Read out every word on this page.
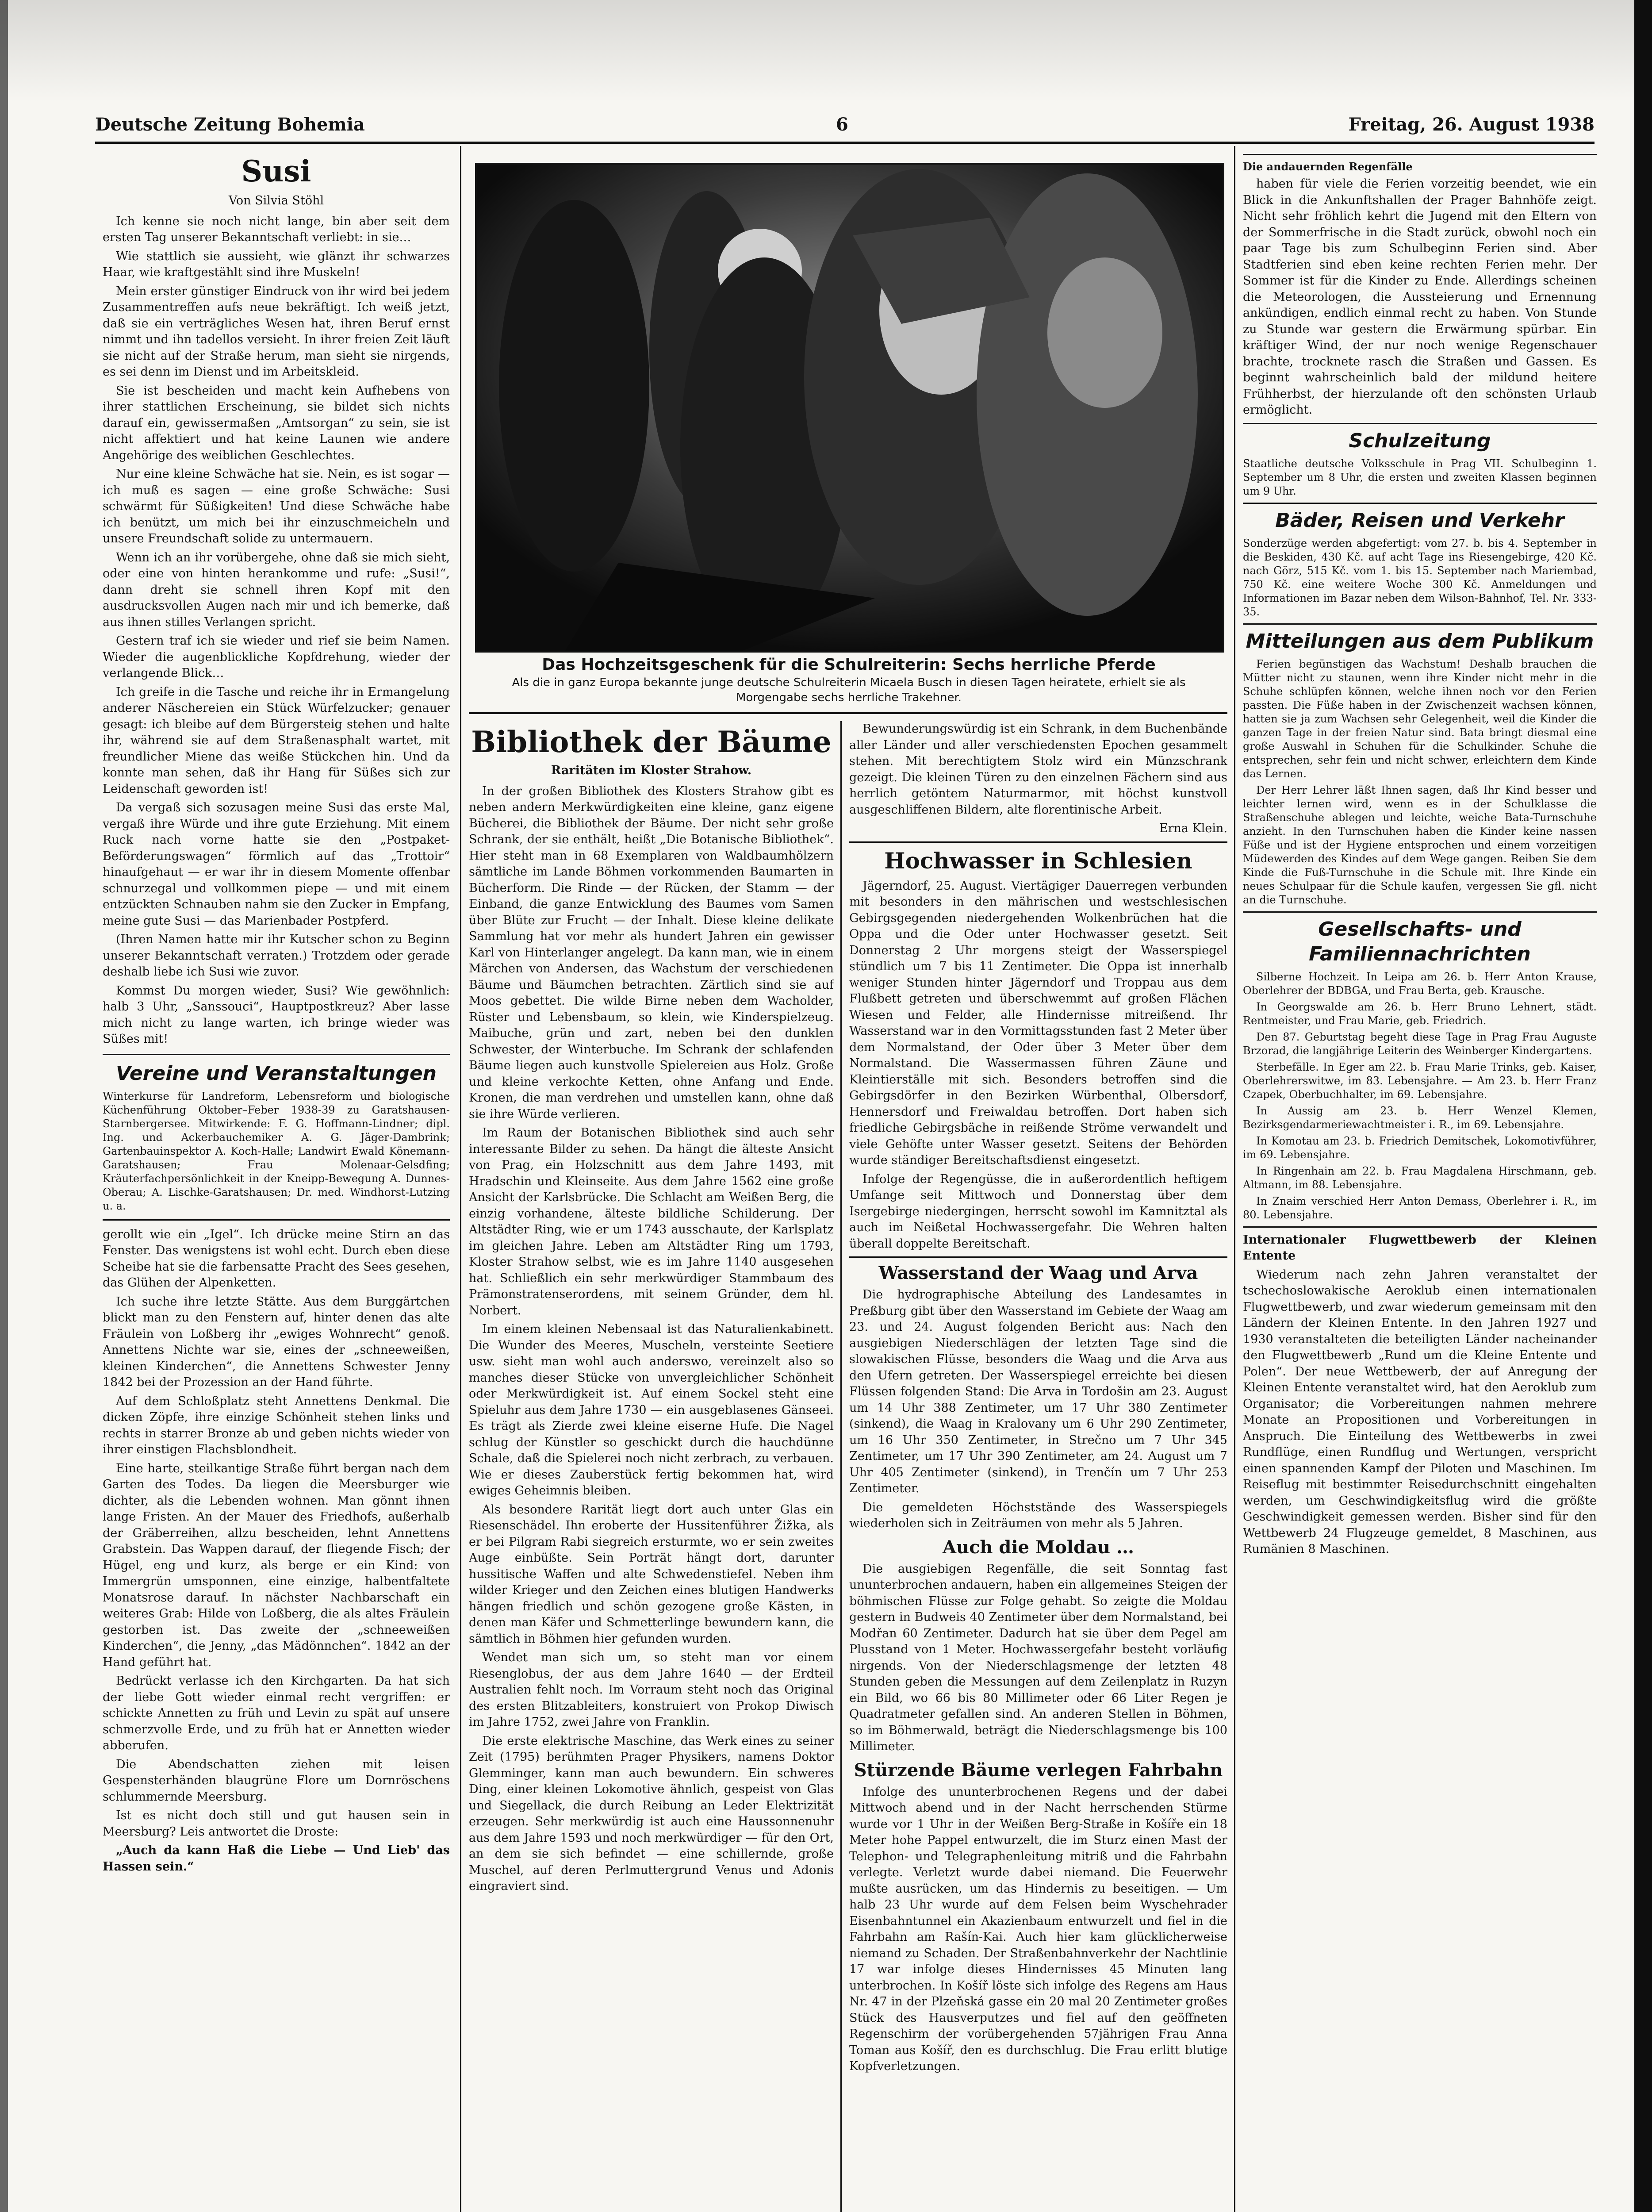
Deutsche Zeitung Bohemia	6	Freitag, 26. August 1938
Susi
Von Silvia Stöhl

Ich kenne sie noch nicht lange, bin aber seit dem ersten Tag unserer Bekanntschaft verliebt: in sie…

Wie stattlich sie aussieht, wie glänzt ihr schwarzes Haar, wie kraftgestählt sind ihre Muskeln!

Mein erster günstiger Eindruck von ihr wird bei jedem Zusammentreffen aufs neue bekräftigt. Ich weiß jetzt, daß sie ein verträgliches Wesen hat, ihren Beruf ernst nimmt und ihn tadellos versieht. In ihrer freien Zeit läuft sie nicht auf der Straße herum, man sieht sie nirgends, es sei denn im Dienst und im Arbeitskleid.

Sie ist bescheiden und macht kein Aufhebens von ihrer stattlichen Erscheinung, sie bildet sich nichts darauf ein, gewissermaßen „Amtsorgan“ zu sein, sie ist nicht affektiert und hat keine Launen wie andere Angehörige des weiblichen Geschlechtes.

Nur eine kleine Schwäche hat sie. Nein, es ist sogar — ich muß es sagen — eine große Schwäche: Susi schwärmt für Süßigkeiten! Und diese Schwäche habe ich benützt, um mich bei ihr einzuschmeicheln und unsere Freundschaft solide zu untermauern.

Wenn ich an ihr vorübergehe, ohne daß sie mich sieht, oder eine von hinten herankomme und rufe: „Susi!“, dann dreht sie schnell ihren Kopf mit den ausdrucksvollen Augen nach mir und ich bemerke, daß aus ihnen stilles Verlangen spricht.

Gestern traf ich sie wieder und rief sie beim Namen. Wieder die augenblickliche Kopfdrehung, wieder der verlangende Blick…

Ich greife in die Tasche und reiche ihr in Ermangelung anderer Näschereien ein Stück Würfelzucker; genauer gesagt: ich bleibe auf dem Bürgersteig stehen und halte ihr, während sie auf dem Straßenasphalt wartet, mit freundlicher Miene das weiße Stückchen hin. Und da konnte man sehen, daß ihr Hang für Süßes sich zur Leidenschaft geworden ist!

Da vergaß sich sozusagen meine Susi das erste Mal, vergaß ihre Würde und ihre gute Erziehung. Mit einem Ruck nach vorne hatte sie den „Postpaket-Beförderungswagen“ förmlich auf das „Trottoir“ hinaufgehaut — er war ihr in diesem Momente offenbar schnurzegal und vollkommen piepe — und mit einem entzückten Schnauben nahm sie den Zucker in Empfang, meine gute Susi — das Marienbader Postpferd.

(Ihren Namen hatte mir ihr Kutscher schon zu Beginn unserer Bekanntschaft verraten.) Trotzdem oder gerade deshalb liebe ich Susi wie zuvor.

Kommst Du morgen wieder, Susi? Wie gewöhnlich: halb 3 Uhr, „Sanssouci“, Hauptpostkreuz? Aber lasse mich nicht zu lange warten, ich bringe wieder was Süßes mit!

Vereine und Veranstaltungen

Winterkurse für Landreform, Lebensreform und biologische Küchenführung Oktober–Feber 1938-39 zu Garatshausen-Starnbergersee. Mitwirkende: F. G. Hoffmann-Lindner; dipl. Ing. und Ackerbauchemiker A. G. Jäger-Dambrink; Gartenbauinspektor A. Koch-Halle; Landwirt Ewald Könemann-Garatshausen; Frau Molenaar-Gelsdfing; Kräuterfachpersönlichkeit in der Kneipp-Bewegung A. Dunnes-Oberau; A. Lischke-Garatshausen; Dr. med. Windhorst-Lutzing u. a.

gerollt wie ein „Igel“. Ich drücke meine Stirn an das Fenster. Das wenigstens ist wohl echt. Durch eben diese Scheibe hat sie die farbensatte Pracht des Sees gesehen, das Glühen der Alpenketten.

Ich suche ihre letzte Stätte. Aus dem Burggärtchen blickt man zu den Fenstern auf, hinter denen das alte Fräulein von Loßberg ihr „ewiges Wohnrecht“ genoß. Annettens Nichte war sie, eines der „schneeweißen, kleinen Kinderchen“, die Annettens Schwester Jenny 1842 bei der Prozession an der Hand führte.

Auf dem Schloßplatz steht Annettens Denkmal. Die dicken Zöpfe, ihre einzige Schönheit stehen links und rechts in starrer Bronze ab und geben nichts wieder von ihrer einstigen Flachsblondheit.

Eine harte, steilkantige Straße führt bergan nach dem Garten des Todes. Da liegen die Meersburger wie dichter, als die Lebenden wohnen. Man gönnt ihnen lange Fristen. An der Mauer des Friedhofs, außerhalb der Gräberreihen, allzu bescheiden, lehnt Annettens Grabstein. Das Wappen darauf, der fliegende Fisch; der Hügel, eng und kurz, als berge er ein Kind: von Immergrün umsponnen, eine einzige, halbentfaltete Monatsrose darauf. In nächster Nachbarschaft ein weiteres Grab: Hilde von Loßberg, die als altes Fräulein gestorben ist. Das zweite der „schneeweißen Kinderchen“, die Jenny, „das Mädönnchen“. 1842 an der Hand geführt hat.

Bedrückt verlasse ich den Kirchgarten. Da hat sich der liebe Gott wieder einmal recht vergriffen: er schickte Annetten zu früh und Levin zu spät auf unsere schmerzvolle Erde, und zu früh hat er Annetten wieder abberufen.

Die Abendschatten ziehen mit leisen Gespensterhänden blaugrüne Flore um Dornröschens schlummernde Meersburg.

Ist es nicht doch still und gut hausen sein in Meersburg? Leis antwortet die Droste:

„Auch da kann Haß die Liebe — Und Lieb' das Hassen sein.“

Das Hochzeitsgeschenk für die Schulreiterin: Sechs herrliche Pferde
Als die in ganz Europa bekannte junge deutsche Schulreiterin Micaela Busch in diesen Tagen heiratete, erhielt sie als Morgengabe sechs herrliche Trakehner.
Bibliothek der Bäume
Raritäten im Kloster Strahow.

In der großen Bibliothek des Klosters Strahow gibt es neben andern Merkwürdigkeiten eine kleine, ganz eigene Bücherei, die Bibliothek der Bäume. Der nicht sehr große Schrank, der sie enthält, heißt „Die Botanische Bibliothek“. Hier steht man in 68 Exemplaren von Waldbaumhölzern sämtliche im Lande Böhmen vorkommenden Baumarten in Bücherform. Die Rinde — der Rücken, der Stamm — der Einband, die ganze Entwicklung des Baumes vom Samen über Blüte zur Frucht — der Inhalt. Diese kleine delikate Sammlung hat vor mehr als hundert Jahren ein gewisser Karl von Hinterlanger angelegt. Da kann man, wie in einem Märchen von Andersen, das Wachstum der verschiedenen Bäume und Bäumchen betrachten. Zärtlich sind sie auf Moos gebettet. Die wilde Birne neben dem Wacholder, Rüster und Lebensbaum, so klein, wie Kinderspielzeug. Maibuche, grün und zart, neben bei den dunklen Schwester, der Winterbuche. Im Schrank der schlafenden Bäume liegen auch kunstvolle Spielereien aus Holz. Große und kleine verkochte Ketten, ohne Anfang und Ende. Kronen, die man verdrehen und umstellen kann, ohne daß sie ihre Würde verlieren.

Im Raum der Botanischen Bibliothek sind auch sehr interessante Bilder zu sehen. Da hängt die älteste Ansicht von Prag, ein Holzschnitt aus dem Jahre 1493, mit Hradschin und Kleinseite. Aus dem Jahre 1562 eine große Ansicht der Karlsbrücke. Die Schlacht am Weißen Berg, die einzig vorhandene, älteste bildliche Schilderung. Der Altstädter Ring, wie er um 1743 ausschaute, der Karlsplatz im gleichen Jahre. Leben am Altstädter Ring um 1793, Kloster Strahow selbst, wie es im Jahre 1140 ausgesehen hat. Schließlich ein sehr merkwürdiger Stammbaum des Prämonstratenserordens, mit seinem Gründer, dem hl. Norbert.

Im einem kleinen Nebensaal ist das Naturalienkabinett. Die Wunder des Meeres, Muscheln, versteinte Seetiere usw. sieht man wohl auch anderswo, vereinzelt also so manches dieser Stücke von unvergleichlicher Schönheit oder Merkwürdigkeit ist. Auf einem Sockel steht eine Spieluhr aus dem Jahre 1730 — ein ausgeblasenes Gänseei. Es trägt als Zierde zwei kleine eiserne Hufe. Die Nagel schlug der Künstler so geschickt durch die hauchdünne Schale, daß die Spielerei noch nicht zerbrach, zu verbauen. Wie er dieses Zauberstück fertig bekommen hat, wird ewiges Geheimnis bleiben.

Als besondere Rarität liegt dort auch unter Glas ein Riesenschädel. Ihn eroberte der Hussitenführer Žižka, als er bei Pilgram Rabi siegreich ersturmte, wo er sein zweites Auge einbüßte. Sein Porträt hängt dort, darunter hussitische Waffen und alte Schwedenstiefel. Neben ihm wilder Krieger und den Zeichen eines blutigen Handwerks hängen friedlich und schön gezogene große Kästen, in denen man Käfer und Schmetterlinge bewundern kann, die sämtlich in Böhmen hier gefunden wurden.

Wendet man sich um, so steht man vor einem Riesenglobus, der aus dem Jahre 1640 — der Erdteil Australien fehlt noch. Im Vorraum steht noch das Original des ersten Blitzableiters, konstruiert von Prokop Diwisch im Jahre 1752, zwei Jahre von Franklin.

Die erste elektrische Maschine, das Werk eines zu seiner Zeit (1795) berühmten Prager Physikers, namens Doktor Glemminger, kann man auch bewundern. Ein schweres Ding, einer kleinen Lokomotive ähnlich, gespeist von Glas und Siegellack, die durch Reibung an Leder Elektrizität erzeugen. Sehr merkwürdig ist auch eine Haussonnenuhr aus dem Jahre 1593 und noch merkwürdiger — für den Ort, an dem sie sich befindet — eine schillernde, große Muschel, auf deren Perlmuttergrund Venus und Adonis eingraviert sind.

Bewunderungswürdig ist ein Schrank, in dem Buchenbände aller Länder und aller verschiedensten Epochen gesammelt stehen. Mit berechtigtem Stolz wird ein Münzschrank gezeigt. Die kleinen Türen zu den einzelnen Fächern sind aus herrlich getöntem Naturmarmor, mit höchst kunstvoll ausgeschliffenen Bildern, alte florentinische Arbeit.

Erna Klein.
Hochwasser in Schlesien

Jägerndorf, 25. August. Viertägiger Dauerregen verbunden mit besonders in den mährischen und westschlesischen Gebirgsgegenden niedergehenden Wolkenbrüchen hat die Oppa und die Oder unter Hochwasser gesetzt. Seit Donnerstag 2 Uhr morgens steigt der Wasserspiegel stündlich um 7 bis 11 Zentimeter. Die Oppa ist innerhalb weniger Stunden hinter Jägerndorf und Troppau aus dem Flußbett getreten und überschwemmt auf großen Flächen Wiesen und Felder, alle Hindernisse mitreißend. Ihr Wasserstand war in den Vormittagsstunden fast 2 Meter über dem Normalstand, der Oder über 3 Meter über dem Normalstand. Die Wassermassen führen Zäune und Kleintierställe mit sich. Besonders betroffen sind die Gebirgsdörfer in den Bezirken Würbenthal, Olbersdorf, Hennersdorf und Freiwaldau betroffen. Dort haben sich friedliche Gebirgsbäche in reißende Ströme verwandelt und viele Gehöfte unter Wasser gesetzt. Seitens der Behörden wurde ständiger Bereitschaftsdienst eingesetzt.

Infolge der Regengüsse, die in außerordentlich heftigem Umfange seit Mittwoch und Donnerstag über dem Isergebirge niedergingen, herrscht sowohl im Kamnitztal als auch im Neißetal Hochwassergefahr. Die Wehren halten überall doppelte Bereitschaft.

Wasserstand der Waag und Arva

Die hydrographische Abteilung des Landesamtes in Preßburg gibt über den Wasserstand im Gebiete der Waag am 23. und 24. August folgenden Bericht aus: Nach den ausgiebigen Niederschlägen der letzten Tage sind die slowakischen Flüsse, besonders die Waag und die Arva aus den Ufern getreten. Der Wasserspiegel erreichte bei diesen Flüssen folgenden Stand: Die Arva in Tordošin am 23. August um 14 Uhr 388 Zentimeter, um 17 Uhr 380 Zentimeter (sinkend), die Waag in Kralovany um 6 Uhr 290 Zentimeter, um 16 Uhr 350 Zentimeter, in Strečno um 7 Uhr 345 Zentimeter, um 17 Uhr 390 Zentimeter, am 24. August um 7 Uhr 405 Zentimeter (sinkend), in Trenčín um 7 Uhr 253 Zentimeter.

Die gemeldeten Höchststände des Wasserspiegels wiederholen sich in Zeiträumen von mehr als 5 Jahren.

Auch die Moldau …

Die ausgiebigen Regenfälle, die seit Sonntag fast ununterbrochen andauern, haben ein allgemeines Steigen der böhmischen Flüsse zur Folge gehabt. So zeigte die Moldau gestern in Budweis 40 Zentimeter über dem Normalstand, bei Modřan 60 Zentimeter. Dadurch hat sie über dem Pegel am Plusstand von 1 Meter. Hochwassergefahr besteht vorläufig nirgends. Von der Niederschlagsmenge der letzten 48 Stunden geben die Messungen auf dem Zeilenplatz in Ruzyn ein Bild, wo 66 bis 80 Millimeter oder 66 Liter Regen je Quadratmeter gefallen sind. An anderen Stellen in Böhmen, so im Böhmerwald, beträgt die Niederschlagsmenge bis 100 Millimeter.

Stürzende Bäume verlegen Fahrbahn

Infolge des ununterbrochenen Regens und der dabei Mittwoch abend und in der Nacht herrschenden Stürme wurde vor 1 Uhr in der Weißen Berg-Straße in Košíře ein 18 Meter hohe Pappel entwurzelt, die im Sturz einen Mast der Telephon- und Telegraphenleitung mitriß und die Fahrbahn verlegte. Verletzt wurde dabei niemand. Die Feuerwehr mußte ausrücken, um das Hindernis zu beseitigen. — Um halb 23 Uhr wurde auf dem Felsen beim Wyschehrader Eisenbahntunnel ein Akazienbaum entwurzelt und fiel in die Fahrbahn am Rašín-Kai. Auch hier kam glücklicherweise niemand zu Schaden. Der Straßenbahnverkehr der Nachtlinie 17 war infolge dieses Hindernisses 45 Minuten lang unterbrochen. In Košíř löste sich infolge des Regens am Haus Nr. 47 in der Plzeňská gasse ein 20 mal 20 Zentimeter großes Stück des Hausverputzes und fiel auf den geöffneten Regenschirm der vorübergehenden 57jährigen Frau Anna Toman aus Košíř, den es durchschlug. Die Frau erlitt blutige Kopfverletzungen.

Die andauernden Regenfälle

haben für viele die Ferien vorzeitig beendet, wie ein Blick in die Ankunftshallen der Prager Bahnhöfe zeigt. Nicht sehr fröhlich kehrt die Jugend mit den Eltern von der Sommerfrische in die Stadt zurück, obwohl noch ein paar Tage bis zum Schulbeginn Ferien sind. Aber Stadtferien sind eben keine rechten Ferien mehr. Der Sommer ist für die Kinder zu Ende. Allerdings scheinen die Meteorologen, die Aussteierung und Ernennung ankündigen, endlich einmal recht zu haben. Von Stunde zu Stunde war gestern die Erwärmung spürbar. Ein kräftiger Wind, der nur noch wenige Regenschauer brachte, trocknete rasch die Straßen und Gassen. Es beginnt wahrscheinlich bald der mildund heitere Frühherbst, der hierzulande oft den schönsten Urlaub ermöglicht.

Schulzeitung

Staatliche deutsche Volksschule in Prag VII. Schulbeginn 1. September um 8 Uhr, die ersten und zweiten Klassen beginnen um 9 Uhr.

Bäder, Reisen und Verkehr

Sonderzüge werden abgefertigt: vom 27. b. bis 4. September in die Beskiden, 430 Kč. auf acht Tage ins Riesengebirge, 420 Kč. nach Görz, 515 Kč. vom 1. bis 15. September nach Mariembad, 750 Kč. eine weitere Woche 300 Kč. Anmeldungen und Informationen im Bazar neben dem Wilson-Bahnhof, Tel. Nr. 333-35.

Mitteilungen aus dem Publikum

Ferien begünstigen das Wachstum! Deshalb brauchen die Mütter nicht zu staunen, wenn ihre Kinder nicht mehr in die Schuhe schlüpfen können, welche ihnen noch vor den Ferien passten. Die Füße haben in der Zwischenzeit wachsen können, hatten sie ja zum Wachsen sehr Gelegenheit, weil die Kinder die ganzen Tage in der freien Natur sind. Bata bringt diesmal eine große Auswahl in Schuhen für die Schulkinder. Schuhe die entsprechen, sehr fein und nicht schwer, erleichtern dem Kinde das Lernen.

Der Herr Lehrer läßt Ihnen sagen, daß Ihr Kind besser und leichter lernen wird, wenn es in der Schulklasse die Straßenschuhe ablegen und leichte, weiche Bata-Turnschuhe anzieht. In den Turnschuhen haben die Kinder keine nassen Füße und ist der Hygiene entsprochen und einem vorzeitigen Müdewerden des Kindes auf dem Wege gangen. Reiben Sie dem Kinde die Fuß-Turnschuhe in die Schule mit. Ihre Kinde ein neues Schulpaar für die Schule kaufen, vergessen Sie gfl. nicht an die Turnschuhe.

Gesellschafts- und Familiennachrichten

Silberne Hochzeit. In Leipa am 26. b. Herr Anton Krause, Oberlehrer der BDBGA, und Frau Berta, geb. Krausche.

In Georgswalde am 26. b. Herr Bruno Lehnert, städt. Rentmeister, und Frau Marie, geb. Friedrich.

Den 87. Geburtstag begeht diese Tage in Prag Frau Auguste Brzorad, die langjährige Leiterin des Weinberger Kindergartens.

Sterbefälle. In Eger am 22. b. Frau Marie Trinks, geb. Kaiser, Oberlehrerswitwe, im 83. Lebensjahre. — Am 23. b. Herr Franz Czapek, Oberbuchhalter, im 69. Lebensjahre.

In Aussig am 23. b. Herr Wenzel Klemen, Bezirksgendarmeriewachtmeister i. R., im 69. Lebensjahre.

In Komotau am 23. b. Friedrich Demitschek, Lokomotivführer, im 69. Lebensjahre.

In Ringenhain am 22. b. Frau Magdalena Hirschmann, geb. Altmann, im 88. Lebensjahre.

In Znaim verschied Herr Anton Demass, Oberlehrer i. R., im 80. Lebensjahre.

Internationaler Flugwettbewerb der Kleinen Entente

Wiederum nach zehn Jahren veranstaltet der tschechoslowakische Aeroklub einen internationalen Flugwettbewerb, und zwar wiederum gemeinsam mit den Ländern der Kleinen Entente. In den Jahren 1927 und 1930 veranstalteten die beteiligten Länder nacheinander den Flugwettbewerb „Rund um die Kleine Entente und Polen“. Der neue Wettbewerb, der auf Anregung der Kleinen Entente veranstaltet wird, hat den Aeroklub zum Organisator; die Vorbereitungen nahmen mehrere Monate an Propositionen und Vorbereitungen in Anspruch. Die Einteilung des Wettbewerbs in zwei Rundflüge, einen Rundflug und Wertungen, verspricht einen spannenden Kampf der Piloten und Maschinen. Im Reiseflug mit bestimmter Reisedurchschnitt eingehalten werden, um Geschwindigkeitsflug wird die größte Geschwindigkeit gemessen werden. Bisher sind für den Wettbewerb 24 Flugzeuge gemeldet, 8 Maschinen, aus Rumänien 8 Maschinen.
